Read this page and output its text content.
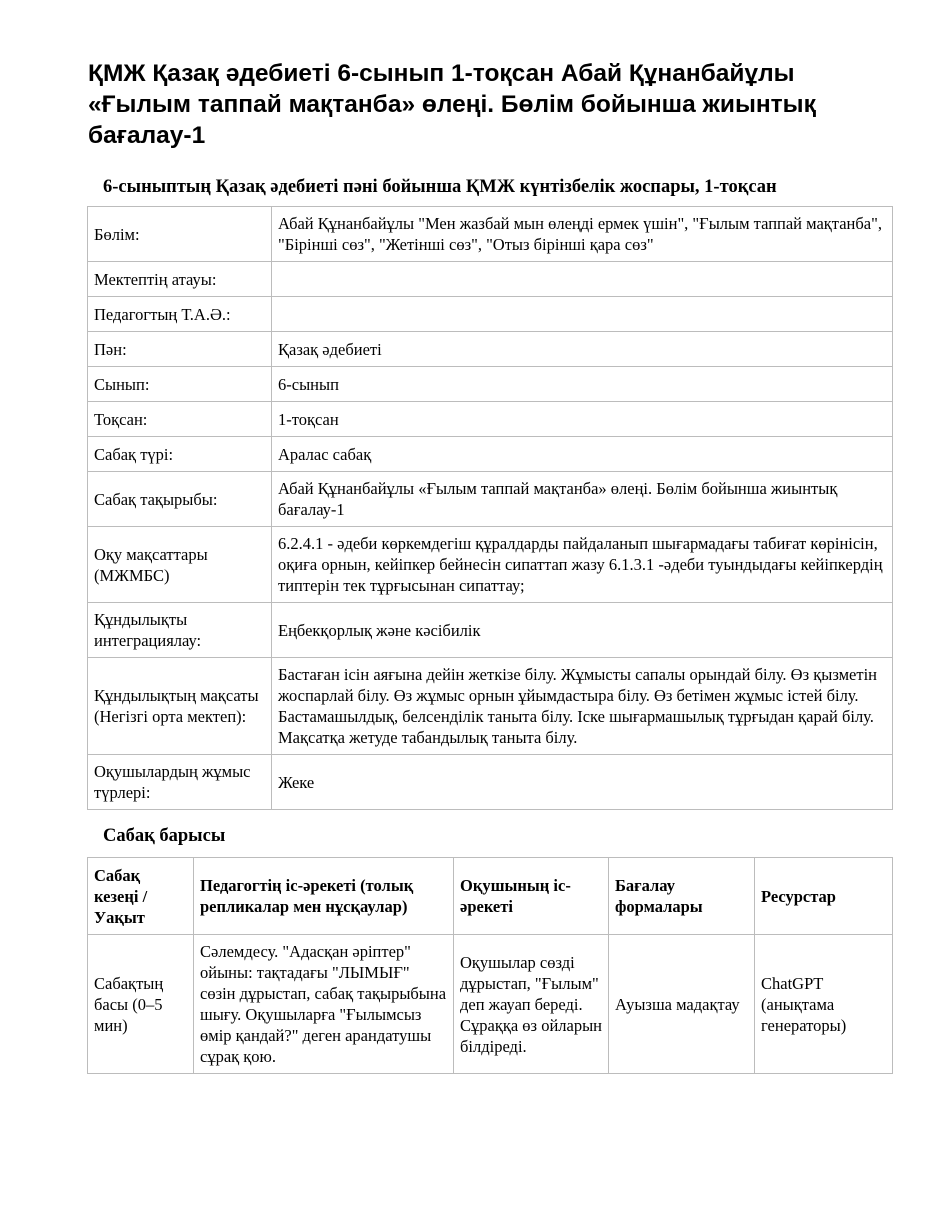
ҚМЖ Қазақ әдебиеті 6-сынып 1-тоқсан Абай Құнанбайұлы «Ғылым таппай мақтанба» өлеңі. Бөлім бойынша жиынтық бағалау-1
6-сыныптың Қазақ әдебиеті пәні бойынша ҚМЖ күнтізбелік жоспары, 1-тоқсан
Бөлім:	Абай Құнанбайұлы "Мен жазбай мын өлеңді ермек үшін", "Ғылым таппай мақтанба", "Бірінші сөз", "Жетінші сөз", "Отыз бірінші қара сөз"
Мектептің атауы:	
Педагогтың Т.А.Ә.:	
Пән:	Қазақ әдебиеті
Сынып:	6-сынып
Тоқсан:	1-тоқсан
Сабақ түрі:	Аралас сабақ
Сабақ тақырыбы:	Абай Құнанбайұлы «Ғылым таппай мақтанба» өлеңі. Бөлім бойынша жиынтық бағалау-1
Оқу мақсаттары (МЖМБС)	6.2.4.1 - әдеби көркемдегіш құралдарды пайдаланып шығармадағы табиғат көрінісін, оқиға орнын, кейіпкер бейнесін сипаттап жазу 6.1.3.1 -әдеби туындыдағы кейіпкердің типтерін тек тұрғысынан сипаттау;
Құндылықты интеграциялау:	Еңбекқорлық және кәсібилік
Құндылықтың мақсаты (Негізгі орта мектеп):	Бастаған ісін аяғына дейін жеткізе білу. Жұмысты сапалы орындай білу. Өз қызметін жоспарлай білу. Өз жұмыс орнын ұйымдастыра білу. Өз бетімен жұмыс істей білу. Бастамашылдық, белсенділік таныта білу. Іске шығармашылық тұрғыдан қарай білу. Мақсатқа жетуде табандылық таныта білу.
Оқушылардың жұмыс түрлері:	Жеке
Сабақ барысы
Сабақ кезеңі / Уақыт	Педагогтің іс-әрекеті (толық репликалар мен нұсқаулар)	Оқушының іс-әрекеті	Бағалау формалары	Ресурстар
Сабақтың басы (0–5 мин)	Сәлемдесу. "Адасқан әріптер" ойыны: тақтадағы "ЛЫМЫҒ" сөзін дұрыстап, сабақ тақырыбына шығу. Оқушыларға "Ғылымсыз өмір қандай?" деген арандатушы сұрақ қою.	Оқушылар сөзді дұрыстап, "Ғылым" деп жауап береді. Сұраққа өз ойларын білдіреді.	Ауызша мадақтау	ChatGPT (анықтама генераторы)
